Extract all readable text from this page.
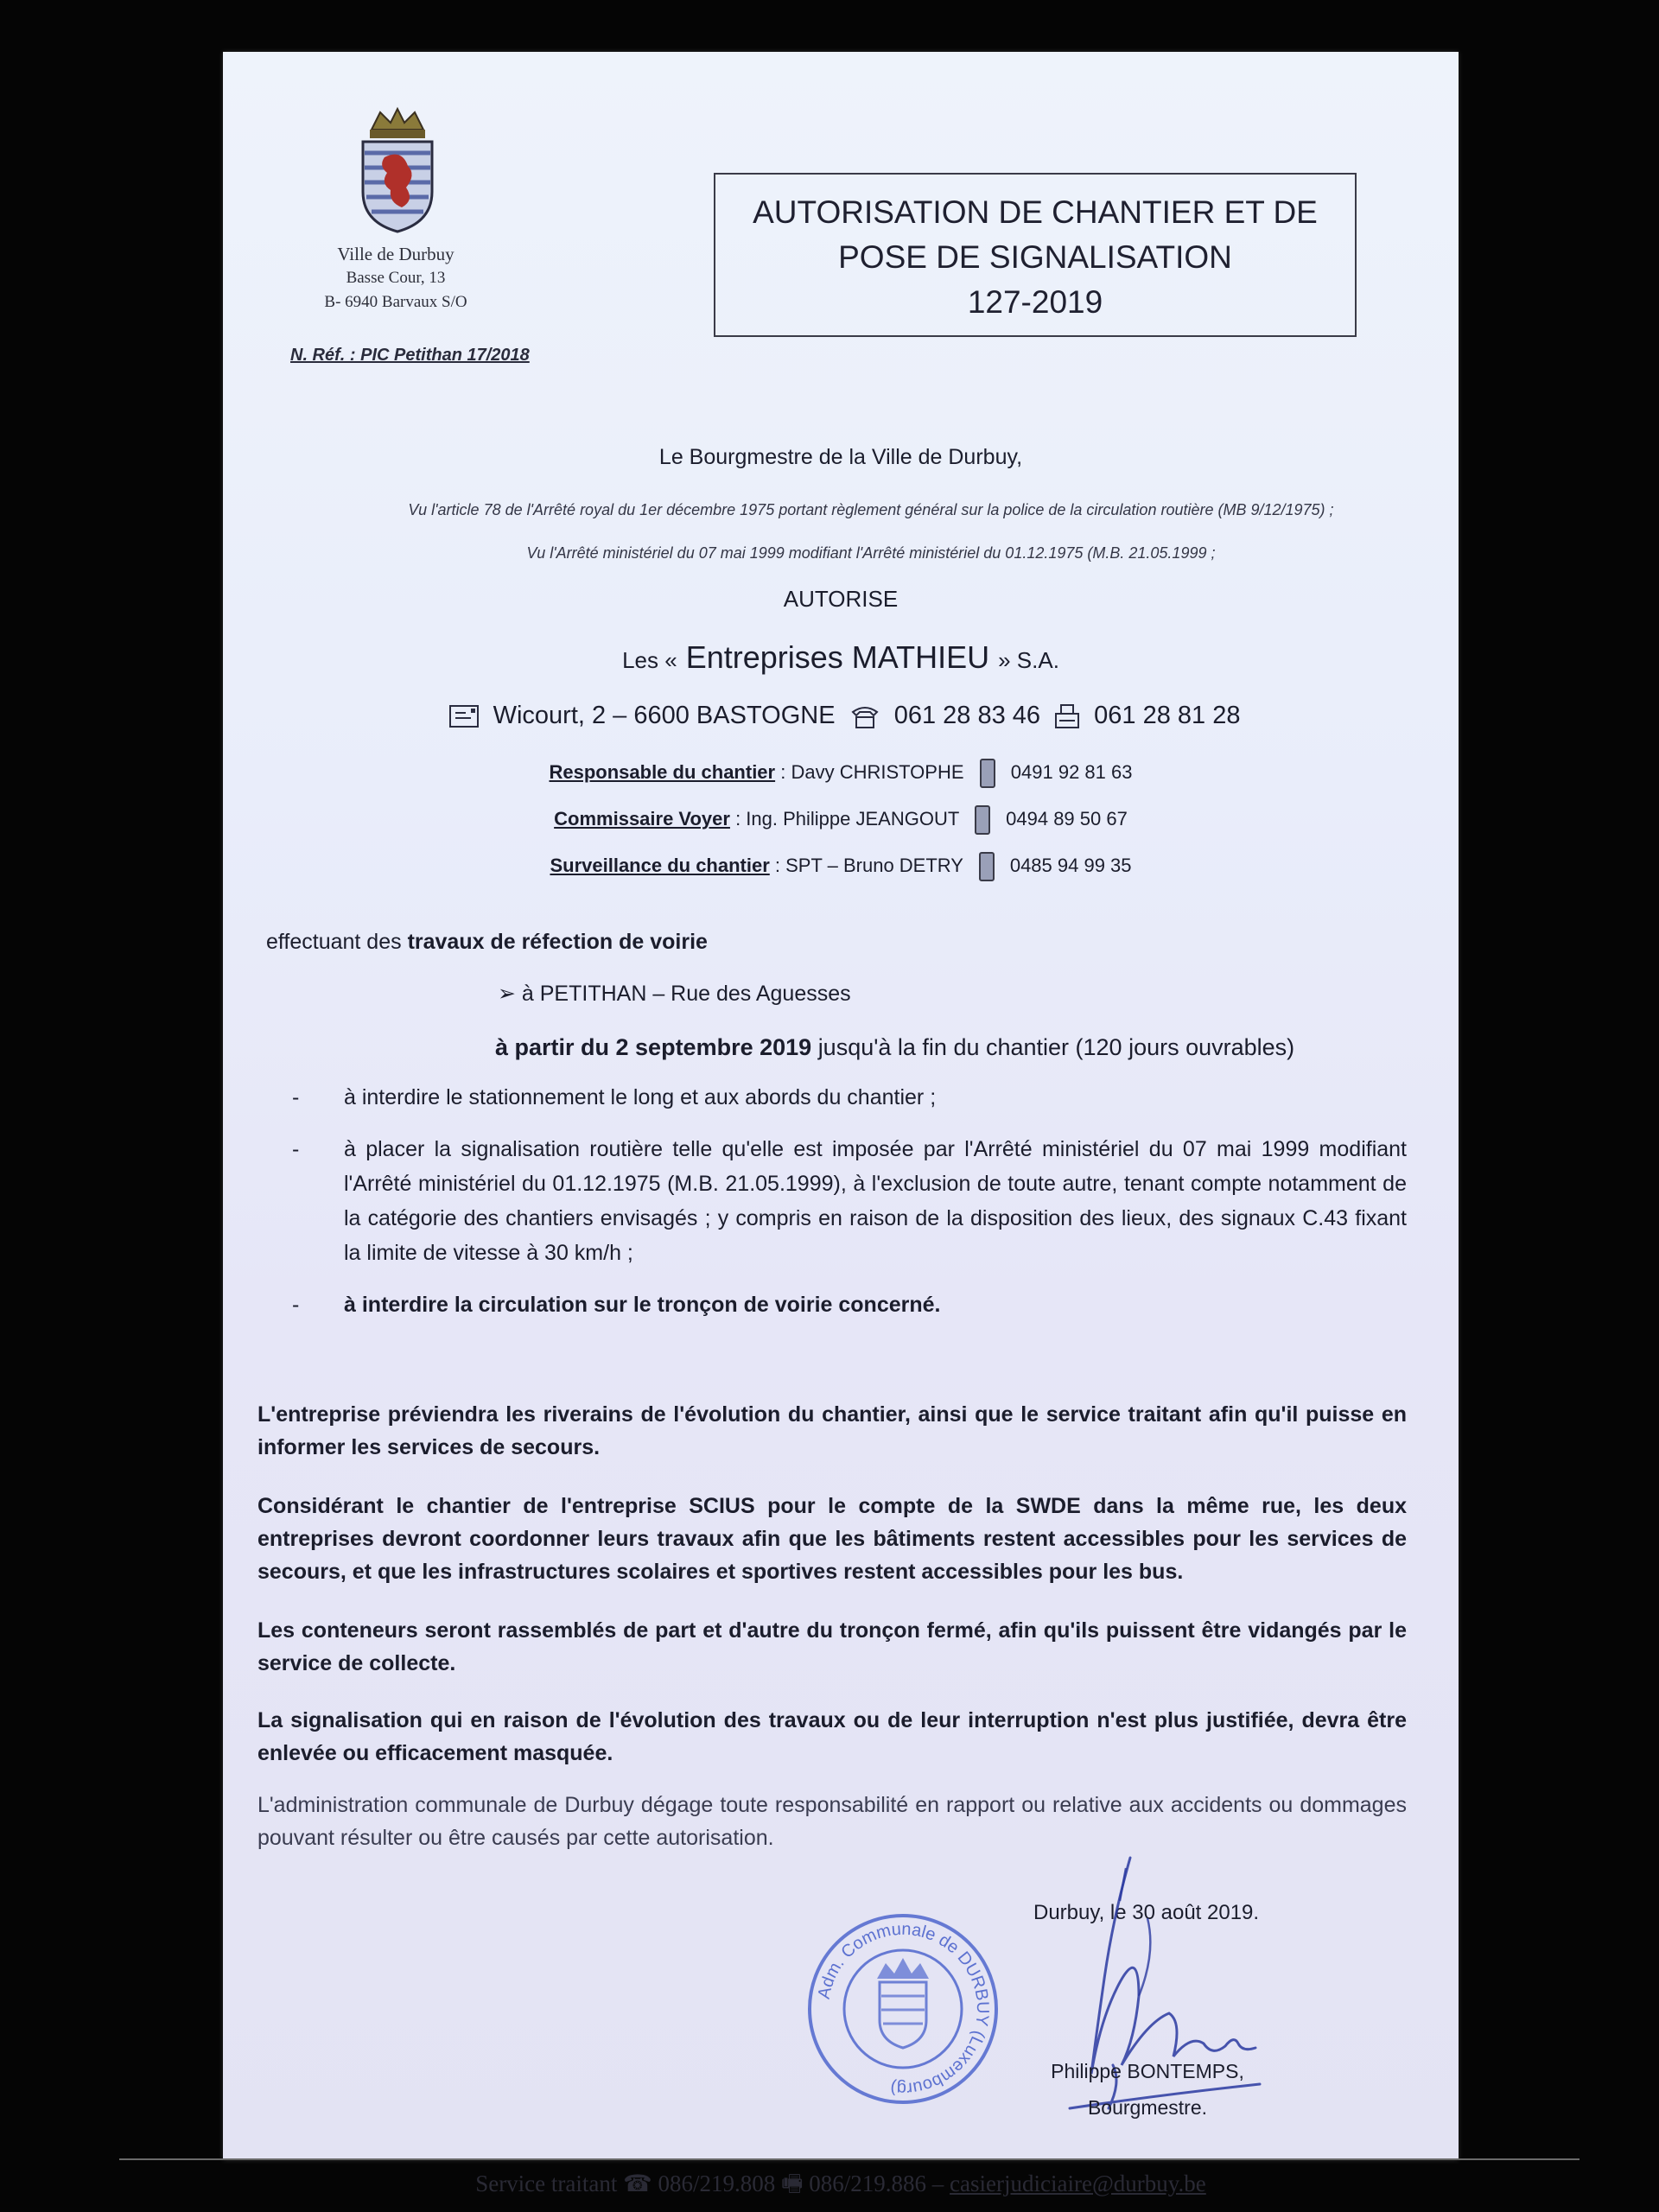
Ville de Durbuy
Basse Cour, 13
B- 6940 Barvaux S/O
N. Réf. : PIC Petithan 17/2018
AUTORISATION DE CHANTIER ET DE
POSE DE SIGNALISATION
127-2019
Le Bourgmestre de la Ville de Durbuy,
Vu l'article 78 de l'Arrêté royal du 1er décembre 1975 portant règlement général sur la police de la circulation routière (MB 9/12/1975) ;
Vu l'Arrêté ministériel du 07 mai 1999 modifiant l'Arrêté ministériel du 01.12.1975 (M.B. 21.05.1999 ;
AUTORISE
Les « Entreprises MATHIEU » S.A.
Wicourt, 2 – 6600 BASTOGNE 061 28 83 46 061 28 81 28
Responsable du chantier : Davy CHRISTOPHE 0491 92 81 63
Commissaire Voyer : Ing. Philippe JEANGOUT 0494 89 50 67
Surveillance du chantier : SPT – Bruno DETRY 0485 94 99 35
effectuant des travaux de réfection de voirie
➢ à PETITHAN – Rue des Aguesses
à partir du 2 septembre 2019 jusqu'à la fin du chantier (120 jours ouvrables)
- à interdire le stationnement le long et aux abords du chantier ;
- à placer la signalisation routière telle qu'elle est imposée par l'Arrêté ministériel du 07 mai 1999 modifiant l'Arrêté ministériel du 01.12.1975 (M.B. 21.05.1999), à l'exclusion de toute autre, tenant compte notamment de la catégorie des chantiers envisagés ; y compris en raison de la disposition des lieux, des signaux C.43 fixant la limite de vitesse à 30 km/h ;
- à interdire la circulation sur le tronçon de voirie concerné.
L'entreprise préviendra les riverains de l'évolution du chantier, ainsi que le service traitant afin qu'il puisse en informer les services de secours.
Considérant le chantier de l'entreprise SCIUS pour le compte de la SWDE dans la même rue, les deux entreprises devront coordonner leurs travaux afin que les bâtiments restent accessibles pour les services de secours, et que les infrastructures scolaires et sportives restent accessibles pour les bus.
Les conteneurs seront rassemblés de part et d'autre du tronçon fermé, afin qu'ils puissent être vidangés par le service de collecte.
La signalisation qui en raison de l'évolution des travaux ou de leur interruption n'est plus justifiée, devra être enlevée ou efficacement masquée.
L'administration communale de Durbuy dégage toute responsabilité en rapport ou relative aux accidents ou dommages pouvant résulter ou être causés par cette autorisation.
Durbuy, le 30 août 2019.
Adm. Communale de DURBUY (Luxembourg)
Philippe BONTEMPS,
Bourgmestre.
Service traitant ☎ 086/219.808 🖷 086/219.886 – casierjudiciaire@durbuy.be
